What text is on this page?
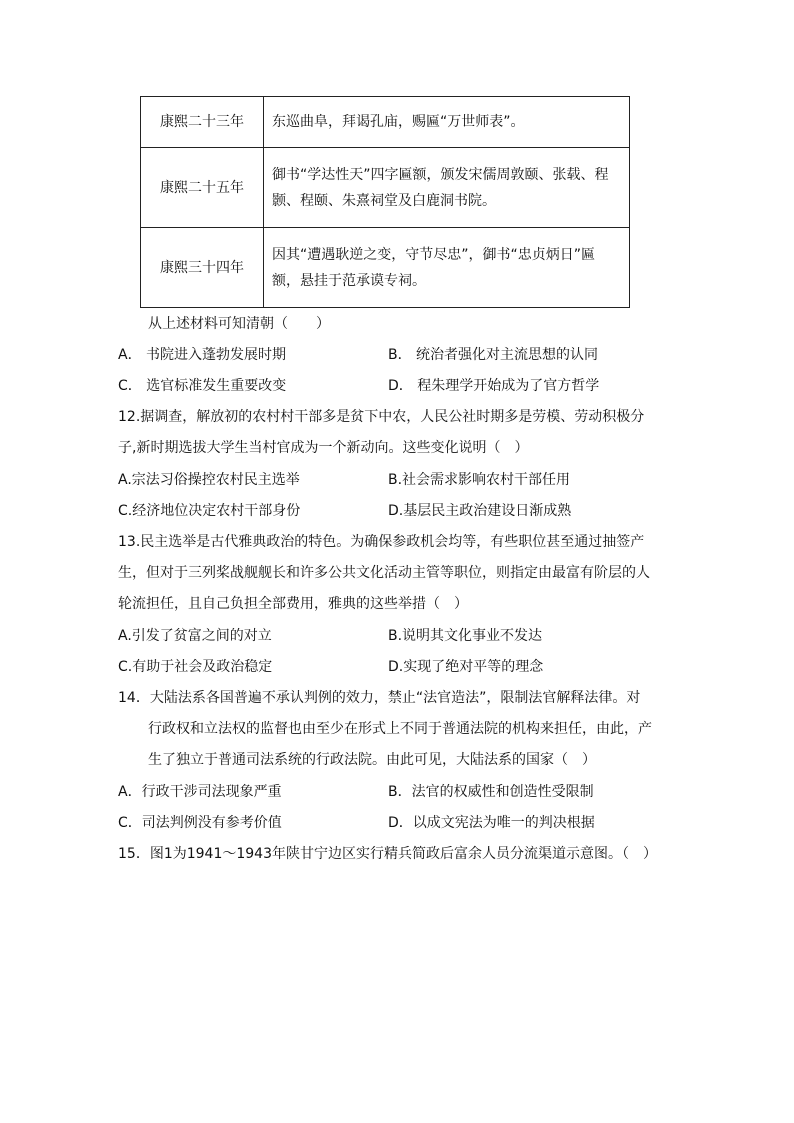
康熙二十三年	东巡曲阜，拜谒孔庙，赐匾“万世师表”。
康熙二十五年	御书“学达性天”四字匾额，颁发宋儒周敦颐、张载、程颢、程颐、朱熹祠堂及白鹿洞书院。
康熙三十四年	因其“遭遇耿逆之变，守节尽忠”，御书“忠贞炳日”匾额，悬挂于范承谟专祠。
从上述材料可知清朝（　　）
A． 书院进入蓬勃发展时期	B． 统治者强化对主流思想的认同
C． 选官标准发生重要改变	D． 程朱理学开始成为了官方哲学
12.据调查，解放初的农村村干部多是贫下中农，人民公社时期多是劳模、劳动积极分
子,新时期选拔大学生当村官成为一个新动向。这些变化说明（　）
A.宗法习俗操控农村民主选举	B.社会需求影响农村干部任用
C.经济地位决定农村干部身份	D.基层民主政治建设日渐成熟
13.民主选举是古代雅典政治的特色。为确保参政机会均等，有些职位甚至通过抽签产
生，但对于三列桨战舰舰长和许多公共文化活动主管等职位，则指定由最富有阶层的人
轮流担任，且自己负担全部费用，雅典的这些举措（　）
A.引发了贫富之间的对立	B.说明其文化事业不发达
C.有助于社会及政治稳定	D.实现了绝对平等的理念
14．大陆法系各国普遍不承认判例的效力，禁止“法官造法”，限制法官解释法律。对
行政权和立法权的监督也由至少在形式上不同于普通法院的机构来担任，由此，产
生了独立于普通司法系统的行政法院。由此可见，大陆法系的国家（　）
A．行政干涉司法现象严重	B．法官的权威性和创造性受限制
C．司法判例没有参考价值	D．以成文宪法为唯一的判决根据
15．图1为1941～1943年陕甘宁边区实行精兵简政后富余人员分流渠道示意图。（　）
